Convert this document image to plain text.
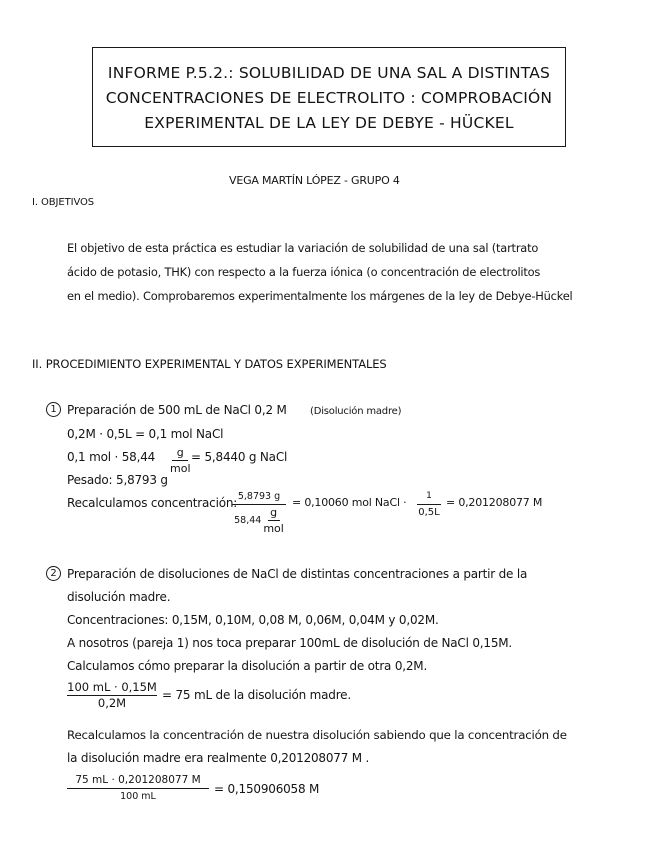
INFORME P.5.2.: SOLUBILIDAD DE UNA SAL A DISTINTAS
CONCENTRACIONES DE ELECTROLITO : COMPROBACIÓN
EXPERIMENTAL DE LA LEY DE DEBYE - HÜCKEL
VEGA MARTÍN LÓPEZ - GRUPO 4
I. OBJETIVOS
El objetivo de esta práctica es estudiar la variación de solubilidad de una sal (tartrato
ácido de potasio, THK) con respecto a la fuerza iónica (o concentración de electrolitos
en el medio). Comprobaremos experimentalmente los márgenes de la ley de Debye-Hückel
II. PROCEDIMIENTO EXPERIMENTAL Y DATOS EXPERIMENTALES
1 Preparación de 500 mL de NaCl 0,2 M (Disolución madre)
0,2M · 0,5L = 0,1 mol NaCl
0,1 mol · 58,44 g
mol
= 5,8440 g NaCl
Pesado: 5,8793 g
Recalculamos concentración: 5,8793 g
$58,44 \frac{g}{\text{mol}}$
= 0,10060 mol NaCl · 1
0,5L
= 0,201208077 M
2 Preparación de disoluciones de NaCl de distintas concentraciones a partir de la
disolución madre.
Concentraciones: 0,15M, 0,10M, 0,08 M, 0,06M, 0,04M y 0,02M.
A nosotros (pareja 1) nos toca preparar 100mL de disolución de NaCl 0,15M.
Calculamos cómo preparar la disolución a partir de otra 0,2M.
100 mL · 0,15M
0,2M
= 75 mL de la disolución madre.
Recalculamos la concentración de nuestra disolución sabiendo que la concentración de
la disolución madre era realmente 0,201208077 M .
75 mL · 0,201208077 M
100 mL
= 0,150906058 M
